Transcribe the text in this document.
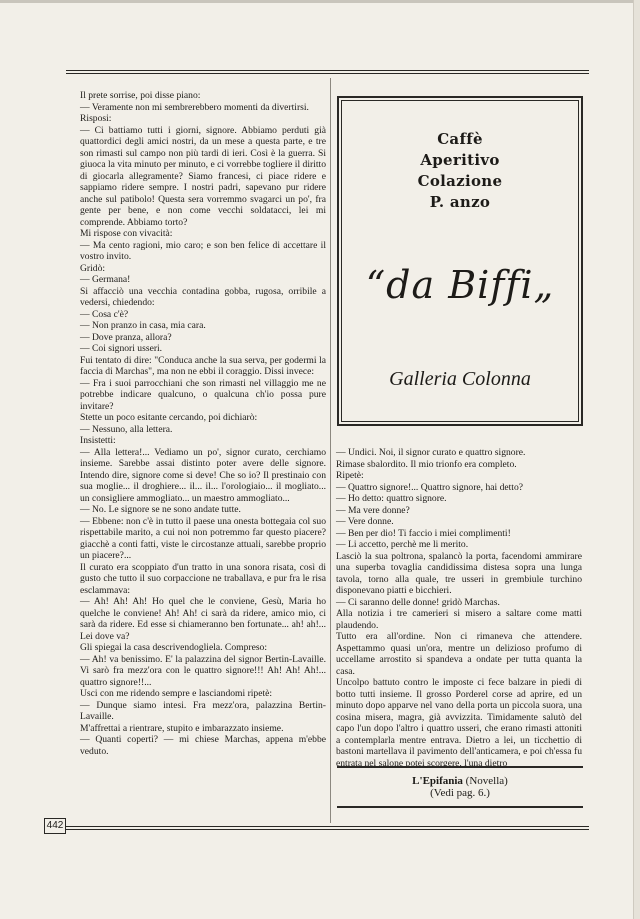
Il prete sorrise, poi disse piano:

— Veramente non mi sembrerebbero momenti da divertirsi.

Risposi:

— Ci battiamo tutti i giorni, signore. Abbiamo perduti già quattordici degli amici nostri, da un mese a questa parte, e tre son rimasti sul campo non più tardi di ieri. Così è la guerra. Si giuoca la vita minuto per minuto, e ci vorrebbe togliere il diritto di giocarla allegramente? Siamo francesi, ci piace ridere e sappiamo ridere sempre. I nostri padri, sapevano pur ridere anche sul patibolo! Questa sera vorremmo svagarci un po', fra gente per bene, e non come vecchi soldatacci, lei mi comprende. Abbiamo torto?

Mi rispose con vivacità:

— Ma cento ragioni, mio caro; e son ben felice di accettare il vostro invito.

Gridò:

— Germana!

Si affacciò una vecchia contadina gobba, rugosa, orribile a vedersi, chiedendo:

— Cosa c'è?

— Non pranzo in casa, mia cara.

— Dove pranza, allora?

— Coi signori usseri.

Fui tentato di dire: "Conduca anche la sua serva, per godermi la faccia di Marchas", ma non ne ebbi il coraggio. Dissi invece:

— Fra i suoi parrocchiani che son rimasti nel villaggio me ne potrebbe indicare qualcuno, o qualcuna ch'io possa pure invitare?

Stette un poco esitante cercando, poi dichiarò:

— Nessuno, alla lettera.

Insistetti:

— Alla lettera!... Vediamo un po', signor curato, cerchiamo insieme. Sarebbe assai distinto poter avere delle signore. Intendo dire, signore come si deve! Che so io? Il prestinaio con sua moglie... il droghiere... il... il... l'orologiaio... il mogliato... un consigliere ammogliato... un maestro ammogliato...

— No. Le signore se ne sono andate tutte.

— Ebbene: non c'è in tutto il paese una onesta bottegaia col suo rispettabile marito, a cui noi non potremmo far questo piacere? giacchè a conti fatti, viste le circostanze attuali, sarebbe proprio un piacere?...

Il curato era scoppiato d'un tratto in una sonora risata, così di gusto che tutto il suo corpaccione ne traballava, e pur fra le risa esclammava:

— Ah! Ah! Ah! Ho quel che le conviene, Gesù, Maria ho quelche le conviene! Ah! Ah! ci sarà da ridere, amico mio, ci sarà da ridere. Ed esse si chiameranno ben fortunate... ah! ah!... Lei dove va?

Gli spiegai la casa descrivendogliela. Compreso:

— Ah! va benissimo. E' la palazzina del signor Bertin-Lavaille. Vi sarò fra mezz'ora con le quattro signore!!! Ah! Ah! Ah!... quattro signore!!...

Usci con me ridendo sempre e lasciandomi ripetè:

— Dunque siamo intesi. Fra mezz'ora, palazzina Bertin-Lavaille.

M'affrettai a rientrare, stupito e imbarazzato insieme.

— Quanti coperti? — mi chiese Marchas, appena m'ebbe veduto.

Caffè
Aperitivo
Colazione
P. anzo
“da Biffi„
Galleria Colonna

— Undici. Noi, il signor curato e quattro signore.

Rimase sbalordito. Il mio trionfo era completo.

Ripetè:

— Quattro signore!... Quattro signore, hai detto?

— Ho detto: quattro signore.

— Ma vere donne?

— Vere donne.

— Ben per dio! Ti faccio i miei complimenti!

— Li accetto, perchè me li merito.

Lasciò la sua poltrona, spalancò la porta, facendomi ammirare una superba tovaglia candidissima distesa sopra una lunga tavola, torno alla quale, tre usseri in grembiule turchino disponevano piatti e bicchieri.

— Ci saranno delle donne! gridò Marchas.

Alla notizia i tre camerieri si misero a saltare come matti plaudendo.

Tutto era all'ordine. Non ci rimaneva che attendere. Aspettammo quasi un'ora, mentre un delizioso profumo di uccellame arrostito si spandeva a ondate per tutta quanta la casa.

Uncolpo battuto contro le imposte ci fece balzare in piedi di botto tutti insieme. Il grosso Porderel corse ad aprire, ed un minuto dopo apparve nel vano della porta un piccola suora, una cosina misera, magra, già avvizzita. Timidamente salutò del capo l'un dopo l'altro i quattro usseri, che erano rimasti attoniti a contemplarla mentre entrava. Dietro a lei, un ticchettio di bastoni martellava il pavimento dell'anticamera, e poi ch'essa fu entrata nel salone potei scorgere, l'una dietro

L'Epifania (Novella)
(Vedi pag. 6.)
442
